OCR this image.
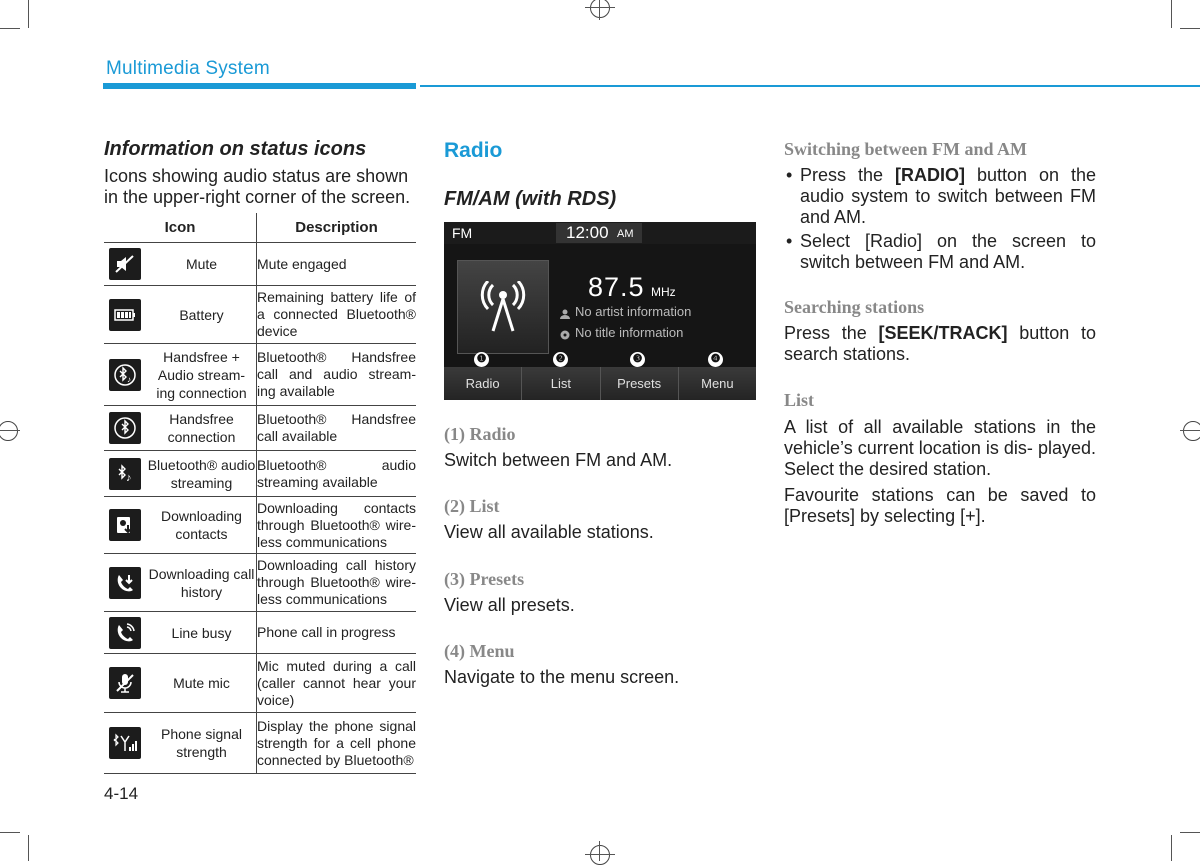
Multimedia System
Information on status icons
Icons showing audio status are shown in the upper-right corner of the screen.
Icon	Description

Mute	Mute engaged

Battery	Remaining battery life of a connected Bluetooth® device

♪
Handsfree + Audio stream- ing connection	Bluetooth® Handsfree call and audio stream- ing available

Handsfree connection	Bluetooth® Handsfree call available

♪
Bluetooth® audio streaming	Bluetooth® audio streaming available

Downloading contacts	Downloading contacts through Bluetooth® wire- less communications

Downloading call history	Downloading call history through Bluetooth® wire- less communications

Line busy	Phone call in progress

Mute mic	Mic muted during a call (caller cannot hear your voice)

Phone signal strength	Display the phone signal strength for a cell phone connected by Bluetooth®
4-14
Radio
FM/AM (with RDS)
FM	12:00 AM
87.5 MHz
No artist information
No title information
❶	❷	❸	❹
Radio	List	Presets	Menu
(1) Radio
Switch between FM and AM.
(2) List
View all available stations.
(3) Presets
View all presets.
(4) Menu
Navigate to the menu screen.
Switching between FM and AM
• Press the [RADIO] button on the audio system to switch between FM and AM.
• Select [Radio] on the screen to switch between FM and AM.
Searching stations
Press the [SEEK/TRACK] button to search stations.
List
A list of all available stations in the vehicle’s current location is dis- played. Select the desired station.
Favourite stations can be saved to [Presets] by selecting [+].
